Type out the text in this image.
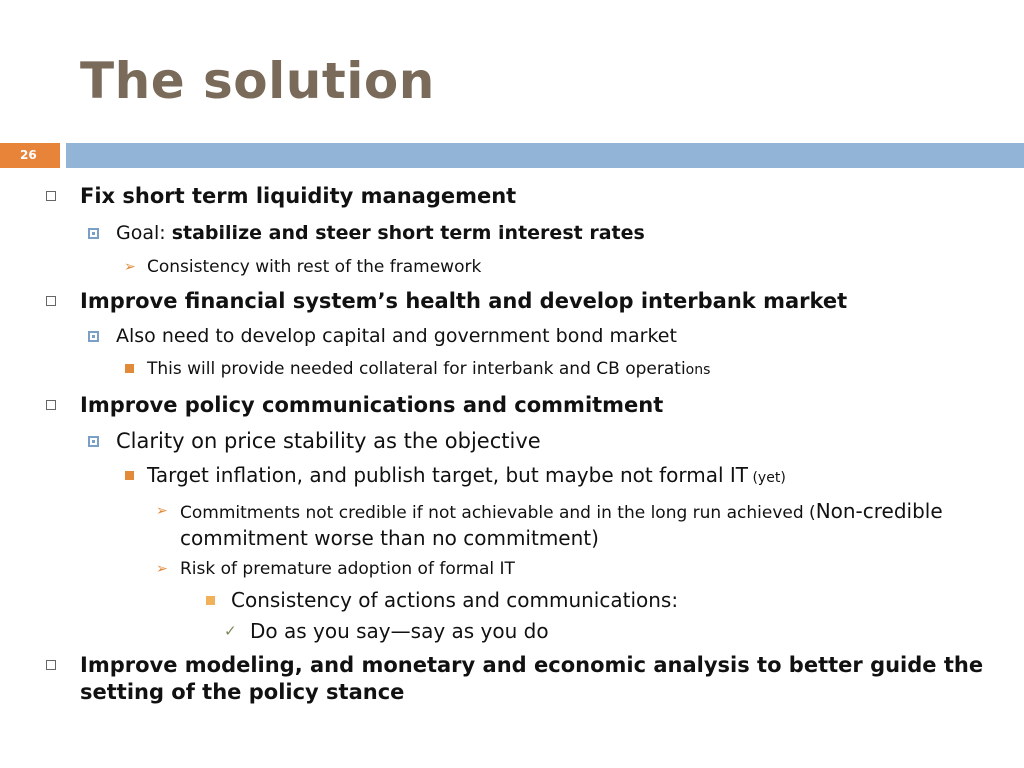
The solution
26
Fix short term liquidity management
Goal: stabilize and steer short term interest rates
➢ Consistency with rest of the framework
Improve financial system’s health and develop interbank market
Also need to develop capital and government bond market
This will provide needed collateral for interbank and CB operations
Improve policy communications and commitment
Clarity on price stability as the objective
Target inflation, and publish target, but maybe not formal IT (yet)
➢ Commitments not credible if not achievable and in the long run achieved (Non-credible commitment worse than no commitment)
➢ Risk of premature adoption of formal IT
Consistency of actions and communications:
✓ Do as you say—say as you do
Improve modeling, and monetary and economic analysis to better guide the setting of the policy stance
